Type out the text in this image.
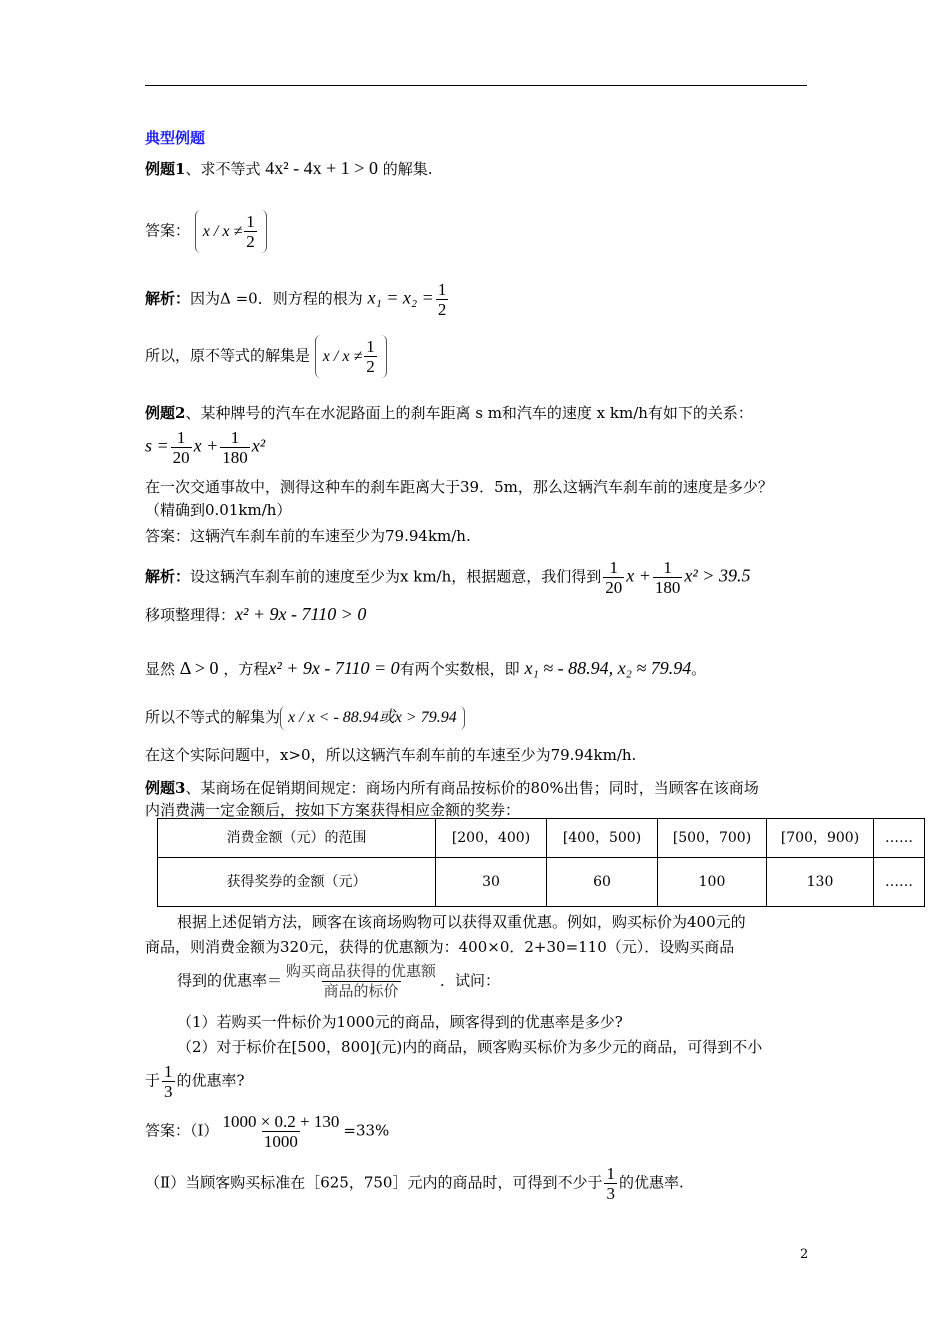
典型例题
例题1、求不等式 4x² - 4x + 1 > 0 的解集.
答案： $x / x \ne \frac{1}{2}$
解析：因为Δ =0．则方程的根为 $x_1 = x_2 = \frac{1}{2}$
所以，原不等式的解集是 $x / x \ne \frac{1}{2}$
例题2、某种牌号的汽车在水泥路面上的刹车距离 s m和汽车的速度 x km/h有如下的关系：
$s = \frac{1}{20}$ $x + \frac{1}{180} x^2$
在一次交通事故中，测得这种车的刹车距离大于39．5m，那么这辆汽车刹车前的速度是多少？
（精确到0.01km/h）
答案：这辆汽车刹车前的车速至少为79.94km/h.
解析：设这辆汽车刹车前的速度至少为x km/h，根据题意，我们得到 $\frac{1}{20}$ $x + \frac{1}{180} x^2 > 39.5$
移项整理得：x² + 9x - 7110 > 0
显然 Δ > 0 ，方程x² + 9x - 7110 = 0有两个实数根，即 x₁ ≈ - 88.94, x₂ ≈ 79.94。
所以不等式的解集为 x / x < - 88.94或x > 79.94
在这个实际问题中，x>0，所以这辆汽车刹车前的车速至少为79.94km/h.
例题3、某商场在促销期间规定：商场内所有商品按标价的80%出售；同时，当顾客在该商场
内消费满一定金额后，按如下方案获得相应金额的奖券：
消费金额（元）的范围	[200，400)	[400，500)	[500，700)	[700，900)	……
获得奖券的金额（元）	30	60	100	130	……
根据上述促销方法，顾客在该商场购物可以获得双重优惠。例如，购买标价为400元的
商品，则消费金额为320元，获得的优惠额为：400×0．2+30=110（元）．设购买商品
得到的优惠率＝ $\frac{\text{购买商品获得的优惠额}}{\text{商品的标价}}$ ．试问：
（1）若购买一件标价为1000元的商品，顾客得到的优惠率是多少?
（2）对于标价在[500，800](元)内的商品，顾客购买标价为多少元的商品，可得到不小
于 $\frac{1}{3}$ 的优惠率?
答案：（Ⅰ） $\frac{1000 \times 0.2 + 130}{1000} =33\%$
（Ⅱ）当顾客购买标准在［625，750］元内的商品时，可得到不少于 $\frac{1}{3}$ 的优惠率.
2
